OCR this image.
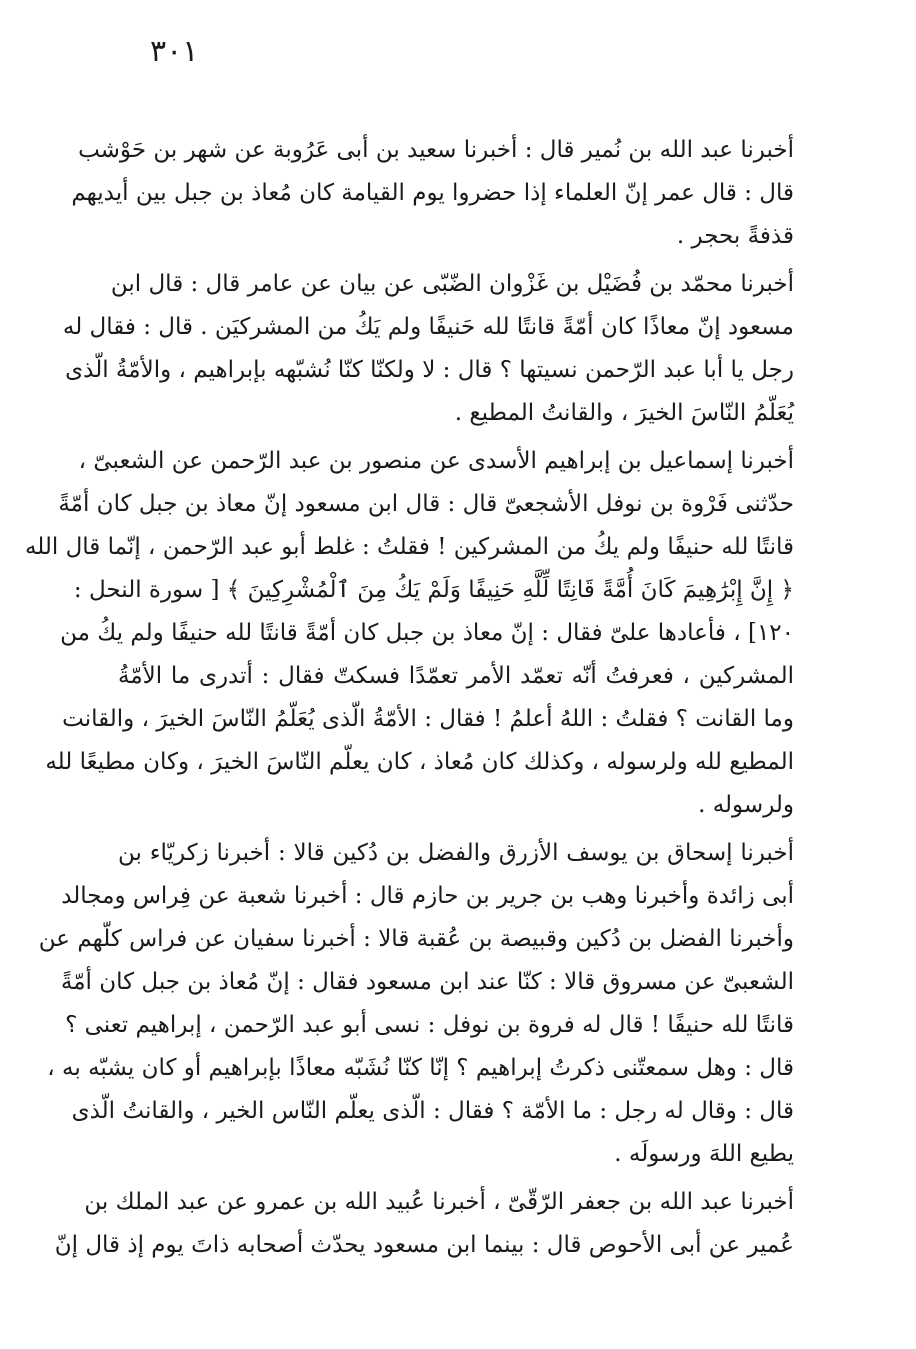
٣٠١
أخبرنا عبد الله بن نُمير قال : أخبرنا سعيد بن أبى عَرُوبة عن شهر بن حَوْشب
قال : قال عمر إنّ العلماء إذا حضروا يوم القيامة كان مُعاذ بن جبل بين أيديهم
قذفةً بحجر .
أخبرنا محمّد بن فُضَيْل بن غَزْوان الضّبّى عن بيان عن عامر قال : قال ابن
مسعود إنّ معاذًا كان أمّةً قانتًا لله حَنيفًا ولم يَكُ من المشركيَن . قال : فقال له
رجل يا أبا عبد الرّحمن نسيتها ؟ قال : لا ولكنّا كنّا نُشبّهه بإبراهيم ، والأمّةُ الّذى
يُعَلّمُ النّاسَ الخيرَ ، والقانتُ المطيع .
أخبرنا إسماعيل بن إبراهيم الأسدى عن منصور بن عبد الرّحمن عن الشعبىّ ،
حدّثنى فَرْوة بن نوفل الأشجعىّ قال : قال ابن مسعود إنّ معاذ بن جبل كان أمّةً
قانتًا لله حنيفًا ولم يكُ من المشركين ! فقلتُ : غلط أبو عبد الرّحمن ، إنّما قال الله
﴿ إِنَّ إِبْرَٰهِيمَ كَانَ أُمَّةً قَانِتًا لِّلَّهِ حَنِيفًا وَلَمْ يَكُ مِنَ ٱلْمُشْرِكِينَ ﴾ [ سورة النحل :
١٢٠] ، فأعادها علىّ فقال : إنّ معاذ بن جبل كان أمّةً قانتًا لله حنيفًا ولم يكُ من
المشركين ، فعرفتُ أنّه تعمّد الأمر تعمّدًا فسكتّ فقال : أتدرى ما الأمّةُ
وما القانت ؟ فقلتُ : اللهُ أعلمُ ! فقال : الأمّةُ الّذى يُعَلّمُ النّاسَ الخيرَ ، والقانت
المطيع لله ولرسوله ، وكذلك كان مُعاذ ، كان يعلّم النّاسَ الخيرَ ، وكان مطيعًا لله
ولرسوله .
أخبرنا إسحاق بن يوسف الأزرق والفضل بن دُكين قالا : أخبرنا زكريّاء بن
أبى زائدة وأخبرنا وهب بن جرير بن حازم قال : أخبرنا شعبة عن فِراس ومجالد
وأخبرنا الفضل بن دُكين وقبيصة بن عُقبة قالا : أخبرنا سفيان عن فراس كلّهم عن
الشعبىّ عن مسروق قالا : كنّا عند ابن مسعود فقال : إنّ مُعاذ بن جبل كان أمّةً
قانتًا لله حنيفًا ! قال له فروة بن نوفل : نسى أبو عبد الرّحمن ، إبراهيم تعنى ؟
قال : وهل سمعتّنى ذكرتُ إبراهيم ؟ إنّا كنّا نُشَبّه معاذًا بإبراهيم أو كان يشبّه به ،
قال : وقال له رجل : ما الأمّة ؟ فقال : الّذى يعلّم النّاس الخير ، والقانتُ الّذى
يطيع اللهَ ورسولَه .
أخبرنا عبد الله بن جعفر الرّقّىّ ، أخبرنا عُبيد الله بن عمرو عن عبد الملك بن
عُمير عن أبى الأحوص قال : بينما ابن مسعود يحدّث أصحابه ذاتَ يوم إذ قال إنّ
